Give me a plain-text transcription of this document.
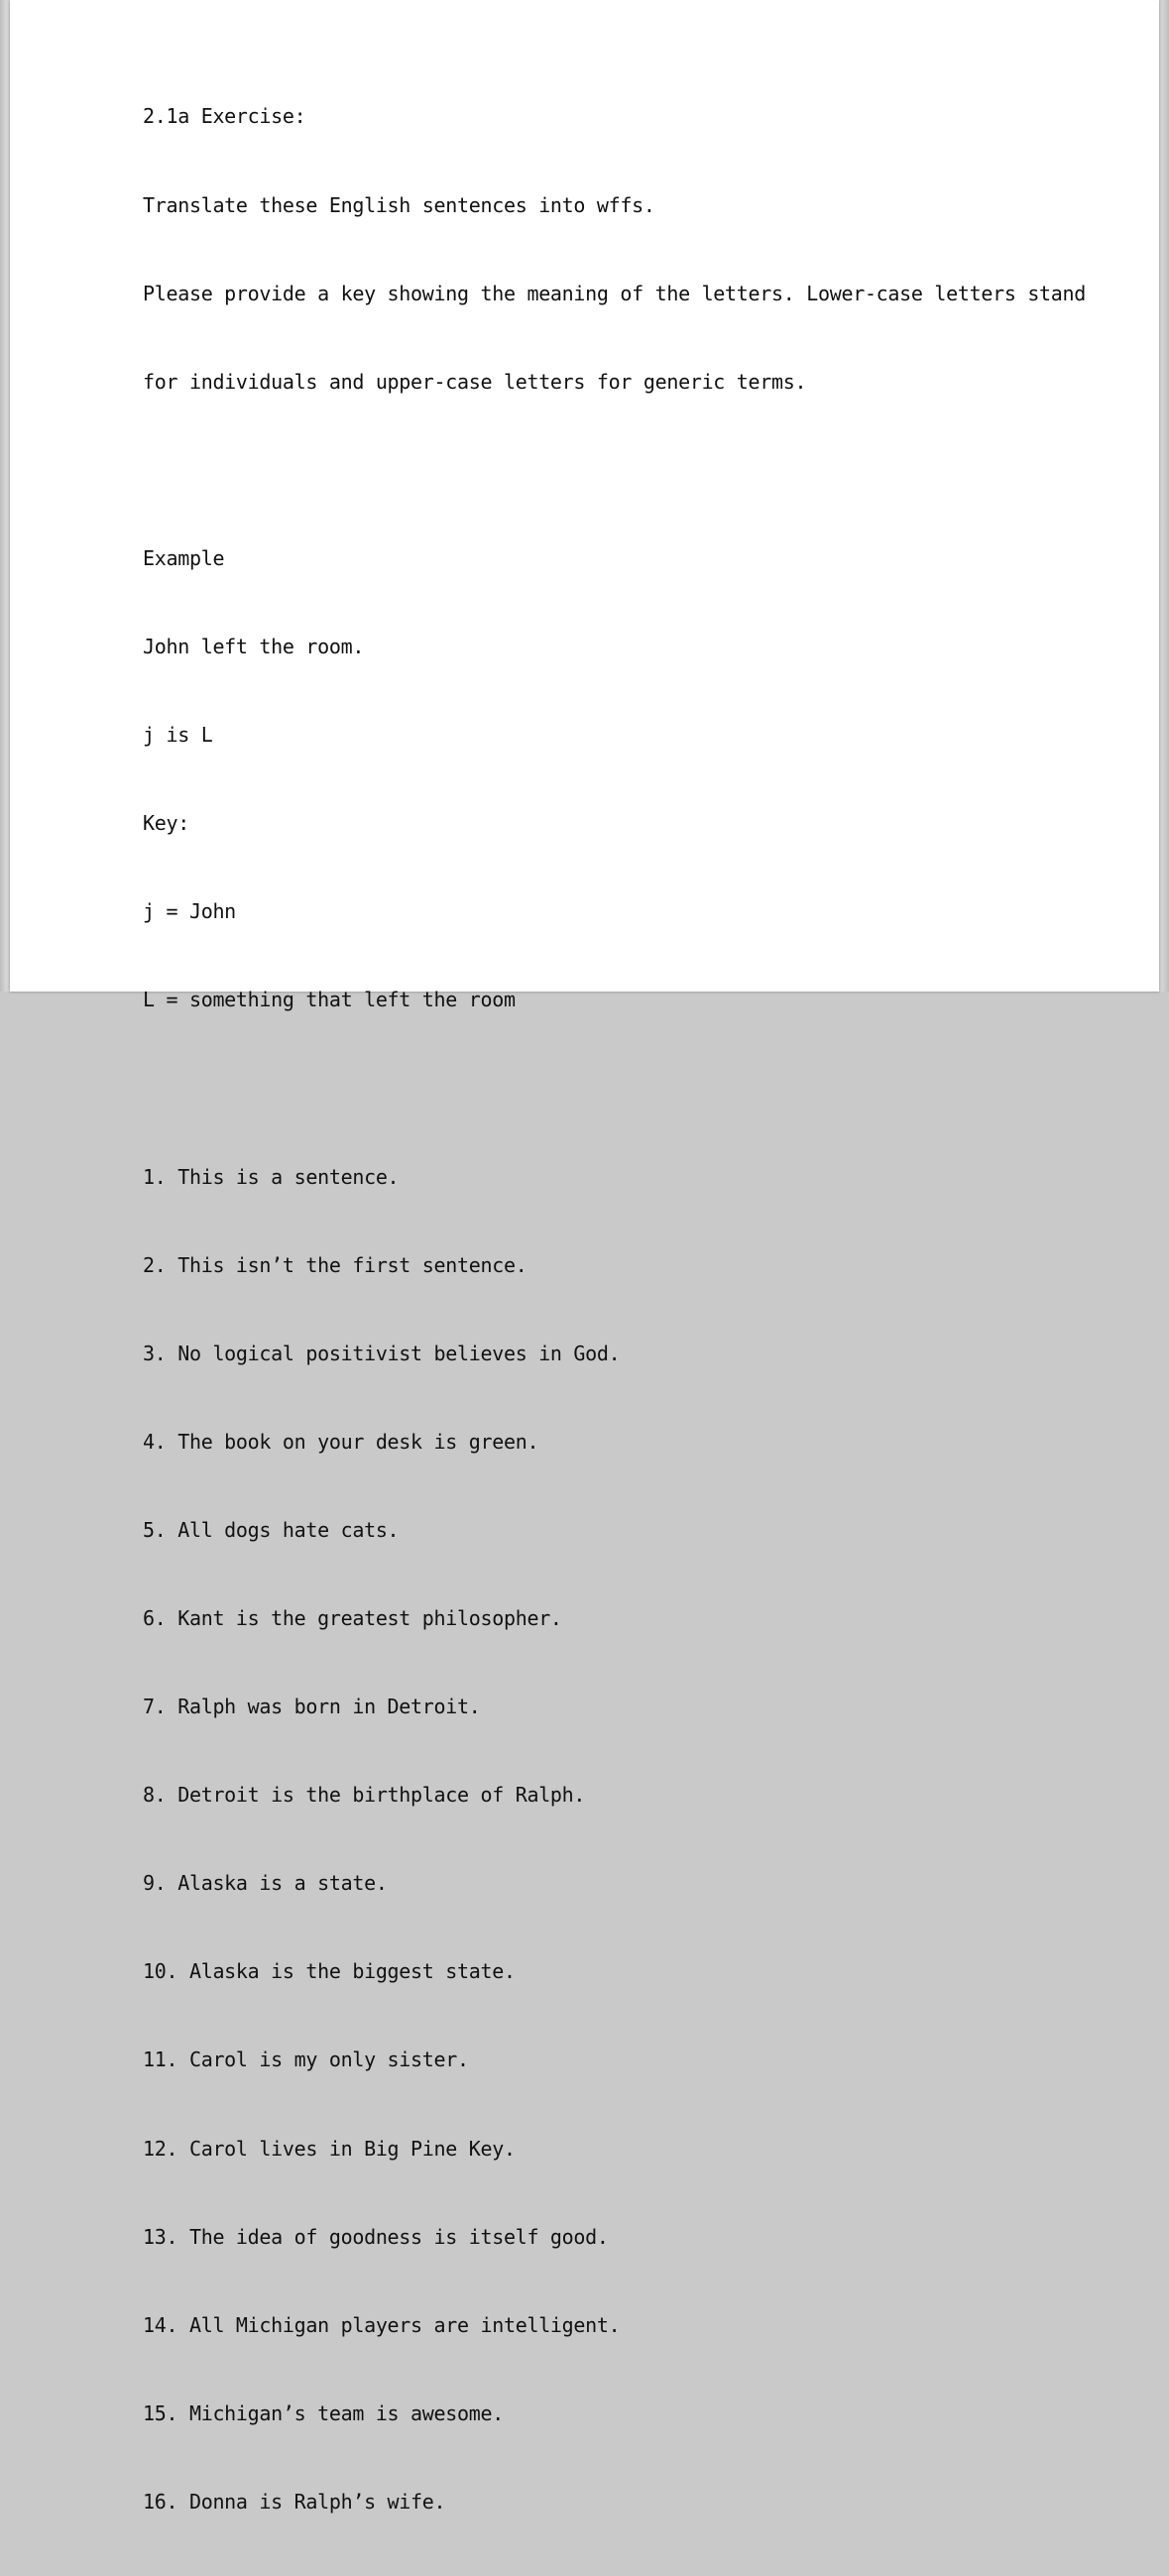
2.1a Exercise:

Translate these English sentences into wffs.

Please provide a key showing the meaning of the letters. Lower-case letters stand

for individuals and upper-case letters for generic terms.

Example

John left the room.

j is L

Key:

j = John

L = something that left the room

1. This is a sentence.

2. This isn’t the first sentence.

3. No logical positivist believes in God.

4. The book on your desk is green.

5. All dogs hate cats.

6. Kant is the greatest philosopher.

7. Ralph was born in Detroit.

8. Detroit is the birthplace of Ralph.

9. Alaska is a state.

10. Alaska is the biggest state.

11. Carol is my only sister.

12. Carol lives in Big Pine Key.

13. The idea of goodness is itself good.

14. All Michigan players are intelligent.

15. Michigan’s team is awesome.

16. Donna is Ralph’s wife.
